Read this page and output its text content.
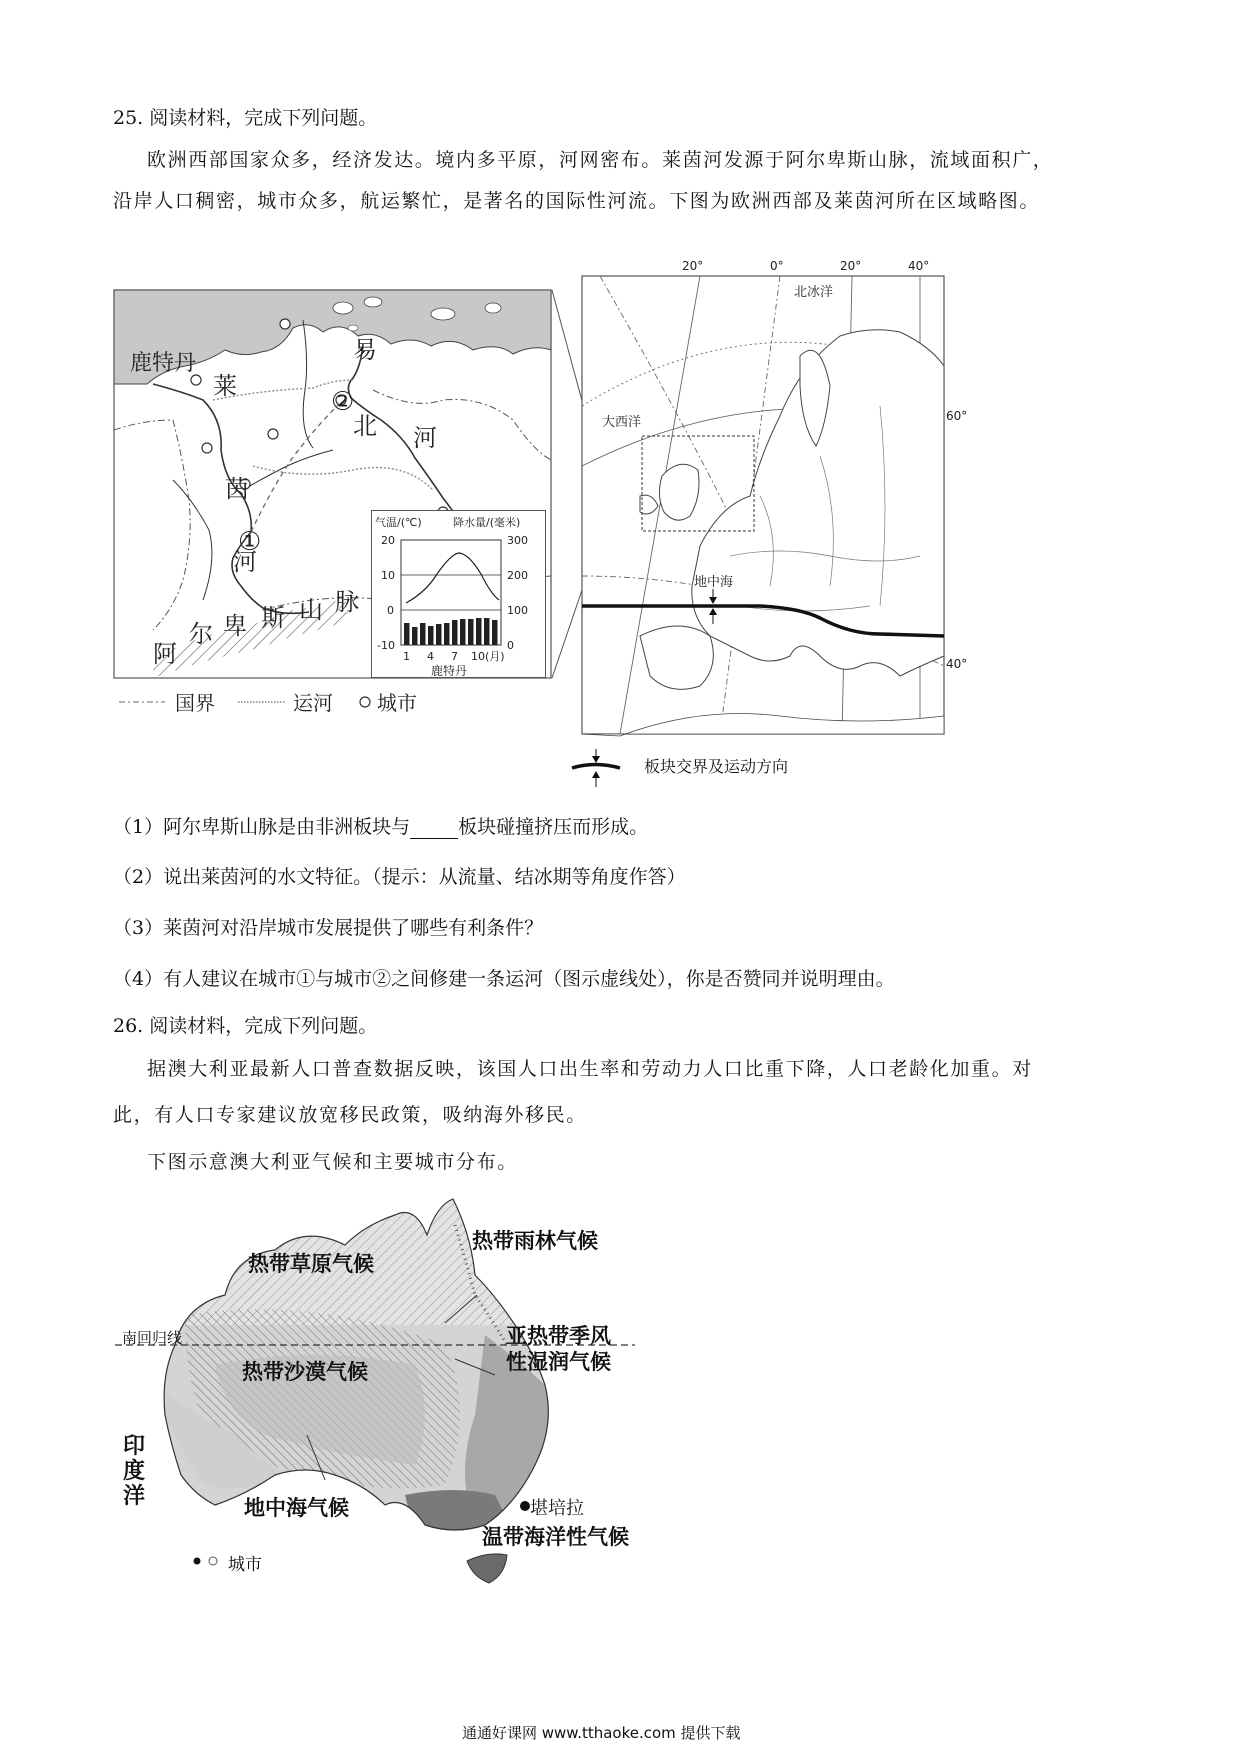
25. 阅读材料，完成下列问题。
欧洲西部国家众多，经济发达。境内多平原，河网密布。莱茵河发源于阿尔卑斯山脉，流域面积广，
沿岸人口稠密，城市众多，航运繁忙，是著名的国际性河流。下图为欧洲西部及莱茵河所在区域略图。
鹿特丹
莱
茵
河
易
北 河
阿
尔 卑 斯 山 脉
①
②
国界	运河 城市
气温/(℃)	降水量/(毫米)
20
10
0
-10
300
200
100
0
1 4 7 10(月)
鹿特丹
20°	0°	20°	40°
北冰洋
大西洋
地中海
60°
40°
板块交界及运动方向
（1）阿尔卑斯山脉是由非洲板块与	板块碰撞挤压而形成。
（2）说出莱茵河的水文特征。（提示：从流量、结冰期等角度作答）
（3）莱茵河对沿岸城市发展提供了哪些有利条件？
（4）有人建议在城市①与城市②之间修建一条运河（图示虚线处），你是否赞同并说明理由。
26. 阅读材料，完成下列问题。
据澳大利亚最新人口普查数据反映，该国人口出生率和劳动力人口比重下降，人口老龄化加重。对
此，有人口专家建议放宽移民政策，吸纳海外移民。
下图示意澳大利亚气候和主要城市分布。
热带草原气候
热带雨林气候
南回归线	亚热带季风
性湿润气候
热带沙漠气候
印
度
洋	地中海气候	堪培拉
温带海洋性气候
城市
通通好课网 www.tthaoke.com 提供下载
